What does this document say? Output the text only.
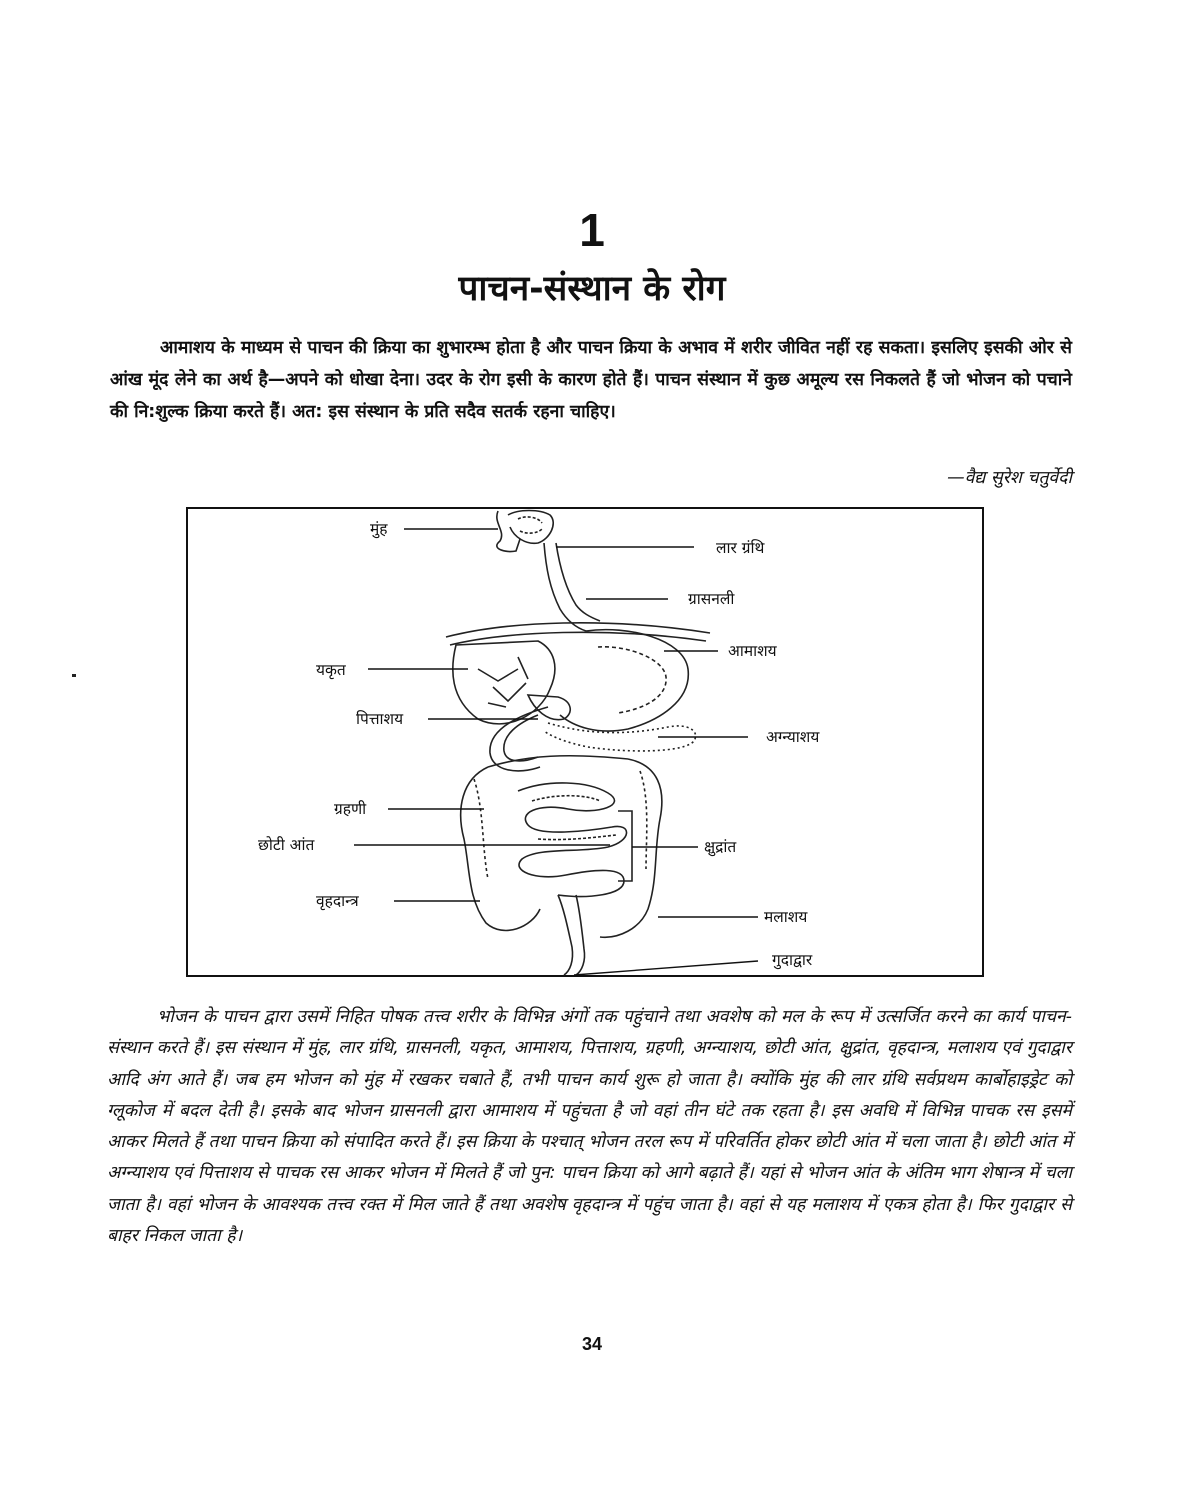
1
पाचन-संस्थान के रोग

आमाशय के माध्यम से पाचन की क्रिया का शुभारम्भ होता है और पाचन क्रिया के अभाव में शरीर जीवित नहीं रह सकता। इसलिए इसकी ओर से आंख मूंद लेने का अर्थ है—अपने को धोखा देना। उदर के रोग इसी के कारण होते हैं। पाचन संस्थान में कुछ अमूल्य रस निकलते हैं जो भोजन को पचाने की नि:शुल्क क्रिया करते हैं। अत: इस संस्थान के प्रति सदैव सतर्क रहना चाहिए।

—वैद्य सुरेश चतुर्वेदी
मुंह
लार ग्रंथि
ग्रासनली
यकृत
आमाशय
पित्ताशय
अग्न्याशय
ग्रहणी
छोटी आंत	क्षुद्रांत
वृहदान्त्र
मलाशय
गुदाद्वार

भोजन के पाचन द्वारा उसमें निहित पोषक तत्त्व शरीर के विभिन्न अंगों तक पहुंचाने तथा अवशेष को मल के रूप में उत्सर्जित करने का कार्य पाचन-संस्थान करते हैं। इस संस्थान में मुंह, लार ग्रंथि, ग्रासनली, यकृत, आमाशय, पित्ताशय, ग्रहणी, अग्न्याशय, छोटी आंत, क्षुद्रांत, वृहदान्त्र, मलाशय एवं गुदाद्वार आदि अंग आते हैं। जब हम भोजन को मुंह में रखकर चबाते हैं, तभी पाचन कार्य शुरू हो जाता है। क्योंकि मुंह की लार ग्रंथि सर्वप्रथम कार्बोहाइड्रेट को ग्लूकोज में बदल देती है। इसके बाद भोजन ग्रासनली द्वारा आमाशय में पहुंचता है जो वहां तीन घंटे तक रहता है। इस अवधि में विभिन्न पाचक रस इसमें आकर मिलते हैं तथा पाचन क्रिया को संपादित करते हैं। इस क्रिया के पश्चात् भोजन तरल रूप में परिवर्तित होकर छोटी आंत में चला जाता है। छोटी आंत में अग्न्याशय एवं पित्ताशय से पाचक रस आकर भोजन में मिलते हैं जो पुन: पाचन क्रिया को आगे बढ़ाते हैं। यहां से भोजन आंत के अंतिम भाग शेषान्त्र में चला जाता है। वहां भोजन के आवश्यक तत्त्व रक्त में मिल जाते हैं तथा अवशेष वृहदान्त्र में पहुंच जाता है। वहां से यह मलाशय में एकत्र होता है। फिर गुदाद्वार से बाहर निकल जाता है।

34
